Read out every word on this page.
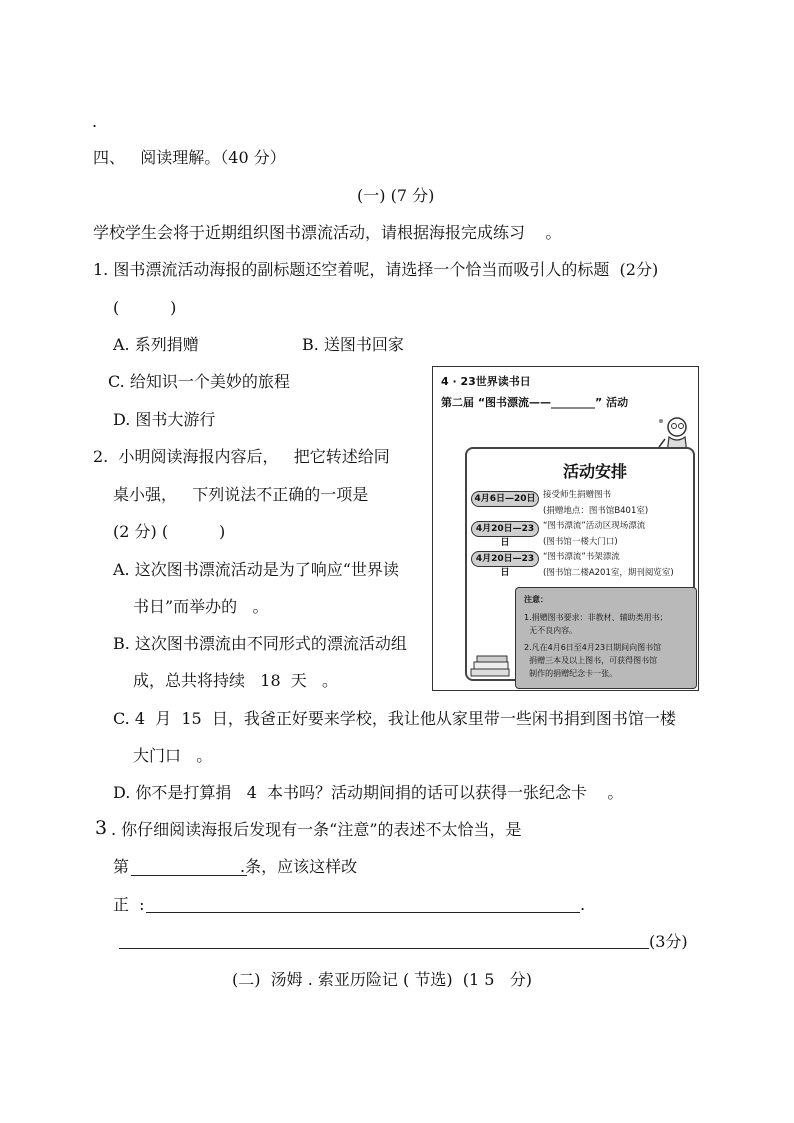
.
四、   阅读理解。（40 分）
(一) (7 分)
学校学生会将于近期组织图书漂流活动，请根据海报完成练习    。
1. 图书漂流活动海报的副标题还空着呢，请选择一个恰当而吸引人的标题  (2分)
(          )
A. 系列捐赠	B. 送图书回家
C. 给知识一个美妙的旅程
D. 图书大游行
2.  小明阅读海报内容后，   把它转述给同
桌小强，   下列说法不正确的一项是
(2 分) (          )
A. 这次图书漂流活动是为了响应“世界读
书日”而举办的   。
B. 这次图书漂流由不同形式的漂流活动组
成，总共将持续   18  天   。
C. 4  月  15  日，我爸正好要来学校，我让他从家里带一些闲书捐到图书馆一楼
大门口   。
D. 你不是打算捐   4  本书吗？活动期间捐的话可以获得一张纪念卡    。
3 . 你仔细阅读海报后发现有一条“注意”的表述不太恰当，是
第	.条，应该这样改
正  :	.
(3分)
(二)  汤姆 . 索亚历险记 ( 节选)  (1 5   分)
4 · 23世界读书日
第二届 “图书漂流——________” 活动
活动安排
4月6日—20日 接受师生捐赠图书
(捐赠地点：图书馆B401室)
4月20日—23日
“图书漂流”活动区现场漂流
(图书馆一楼大门口)
4月20日—23日
“图书漂流”书架漂流
(图书馆二楼A201室，期刊阅览室)
注意：
1.捐赠图书要求：非教材、辅助类用书；
无不良内容。
2.凡在4月6日至4月23日期间向图书馆
捐赠三本及以上图书，可获得图书馆
制作的捐赠纪念卡一张。
